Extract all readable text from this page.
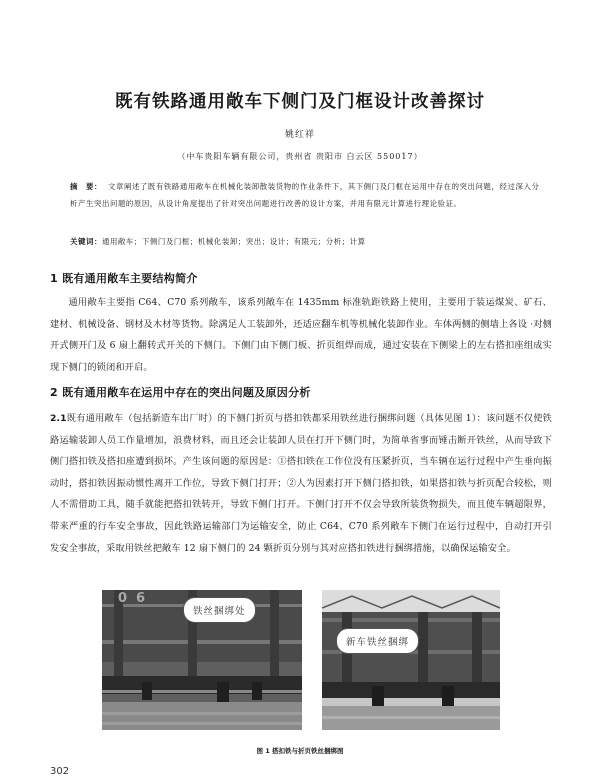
既有铁路通用敞车下侧门及门框设计改善探讨
姚红祥
（中车贵阳车辆有限公司，贵州省 贵阳市 白云区 550017）
摘　要： 文章阐述了既有铁路通用敞车在机械化装卸散装货物的作业条件下，其下侧门及门框在运用中存在的突出问题，经过深入分析产生突出问题的原因，从设计角度提出了针对突出问题进行改善的设计方案，并用有限元计算进行理论验证。
关键词：通用敞车；下侧门及门框；机械化装卸；突出；设计；有限元；分析；计算
1 既有通用敞车主要结构简介
通用敞车主要指 C64、C70 系列敞车，该系列敞车在 1435mm 标准轨距铁路上使用，主要用于装运煤炭、矿石、建材、机械设备、钢材及木材等货物。除满足人工装卸外，还适应翻车机等机械化装卸作业。车体两侧的侧墙上各设 ·对侧开式侧开门及 6 扇上翻转式开关的下侧门。下侧门由下侧门板、折页组焊而成，通过安装在下侧梁上的左右搭扣座组成实现下侧门的锁闭和开启。
2 既有通用敞车在运用中存在的突出问题及原因分析
2.1既有通用敞车（包括新造车出厂时）的下侧门折页与搭扣铁都采用铁丝进行捆绑问题（具体见图 1）：该问题不仅使铁路运输装卸人员工作量增加，浪费材料，而且还会让装卸人员在打开下侧门时，为简单省事而锤击断开铁丝，从而导致下侧门搭扣铁及搭扣座遭到损坏。产生该问题的原因是：①搭扣铁在工作位没有压紧折页，当车辆在运行过程中产生垂向振动时，搭扣铁因振动惯性离开工作位，导致下侧门打开；②人为因素打开下侧门搭扣铁，如果搭扣铁与折页配合较松，则人不需借助工具，随手就能把搭扣铁转开，导致下侧门打开。下侧门打开不仅会导致所装货物损失，而且使车辆超限界，带来严重的行车安全事故，因此铁路运输部门为运输安全，防止 C64、C70 系列敞车下侧门在运行过程中，自动打开引发安全事故，采取用铁丝把敞车 12 扇下侧门的 24 颗折页分别与其对应搭扣铁进行捆绑措施，以确保运输安全。
0 6
铁丝捆绑处
新车铁丝捆绑
图 1 搭扣铁与折页铁丝捆绑图
302
